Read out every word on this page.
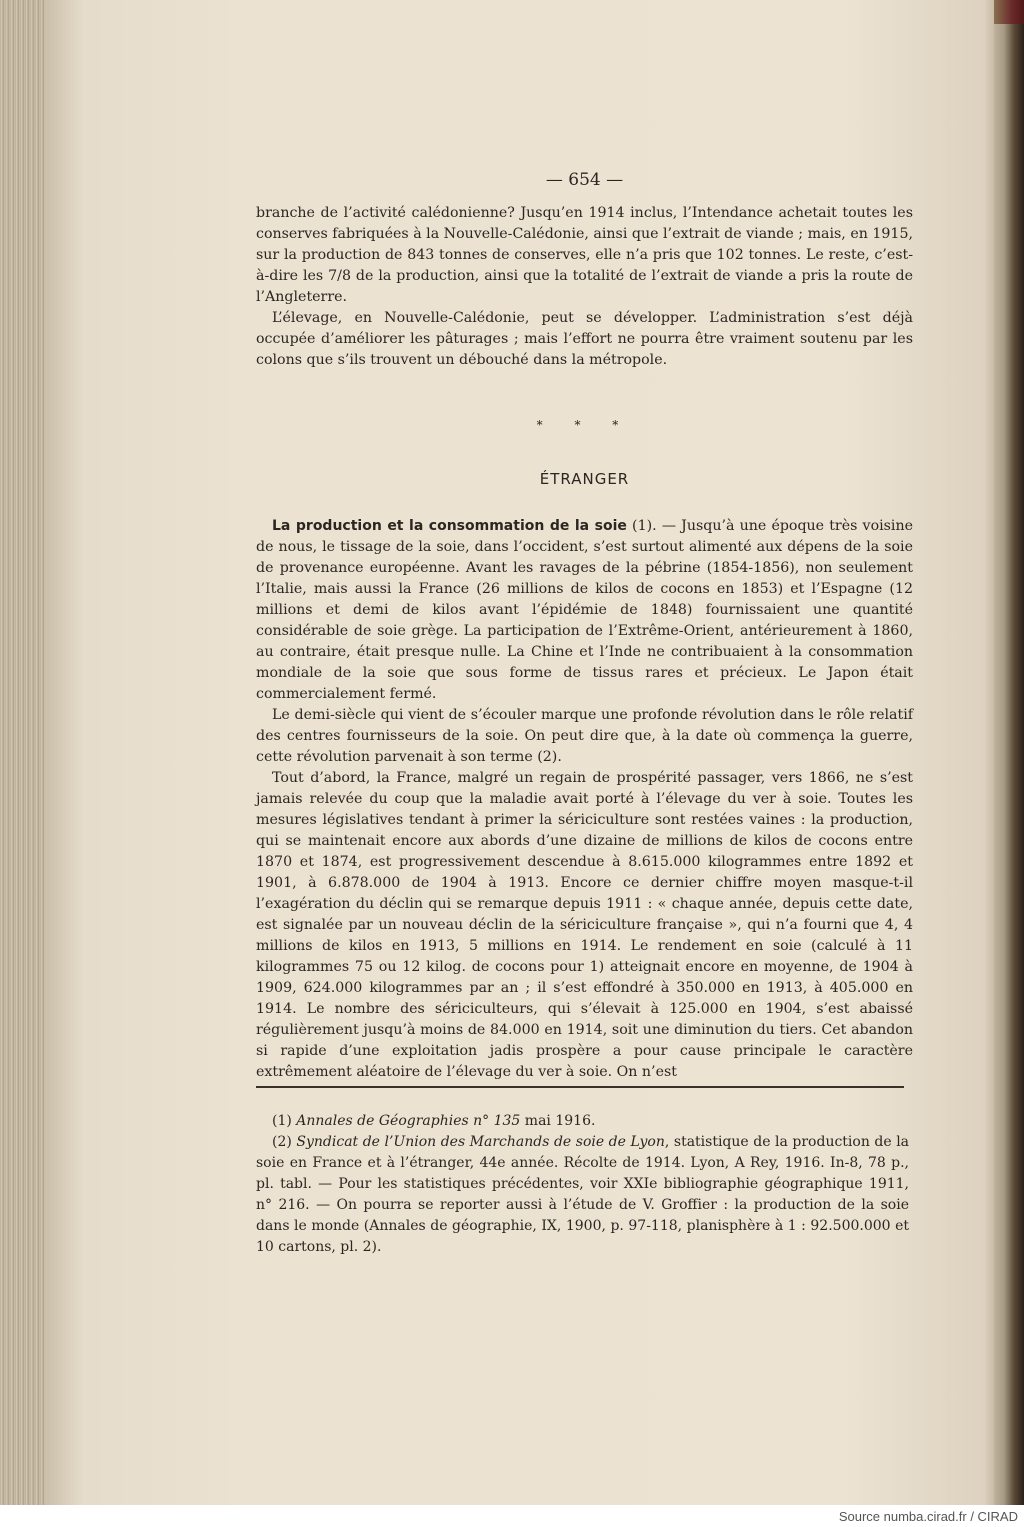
— 654 —

branche de l’activité calédonienne? Jusqu’en 1914 inclus, l’Intendance achetait toutes les conserves fabriquées à la Nouvelle-Calédonie, ainsi que l’extrait de viande ; mais, en 1915, sur la production de 843 tonnes de conserves, elle n’a pris que 102 tonnes. Le reste, c’est-à-dire les 7/8 de la production, ainsi que la totalité de l’extrait de viande a pris la route de l’Angleterre.

L’élevage, en Nouvelle-Calédonie, peut se développer. L’administration s’est déjà occupée d’améliorer les pâturages ; mais l’effort ne pourra être vraiment soutenu par les colons que s’ils trouvent un débouché dans la métropole.

* * *
ÉTRANGER

La production et la consommation de la soie (1). — Jusqu’à une époque très voisine de nous, le tissage de la soie, dans l’occident, s’est surtout alimenté aux dépens de la soie de provenance européenne. Avant les ravages de la pébrine (1854-1856), non seulement l’Italie, mais aussi la France (26 millions de kilos de cocons en 1853) et l’Espagne (12 millions et demi de kilos avant l’épidémie de 1848) fournissaient une quantité considérable de soie grège. La participation de l’Extrême-Orient, antérieurement à 1860, au contraire, était presque nulle. La Chine et l’Inde ne contribuaient à la consommation mondiale de la soie que sous forme de tissus rares et précieux. Le Japon était commercialement fermé.

Le demi-siècle qui vient de s’écouler marque une profonde révolution dans le rôle relatif des centres fournisseurs de la soie. On peut dire que, à la date où commença la guerre, cette révolution parvenait à son terme (2).

Tout d’abord, la France, malgré un regain de prospérité passager, vers 1866, ne s’est jamais relevée du coup que la maladie avait porté à l’élevage du ver à soie. Toutes les mesures législatives tendant à primer la sériciculture sont restées vaines : la production, qui se maintenait encore aux abords d’une dizaine de millions de kilos de cocons entre 1870 et 1874, est progressivement descendue à 8.615.000 kilogrammes entre 1892 et 1901, à 6.878.000 de 1904 à 1913. Encore ce dernier chiffre moyen masque-t-il l’exagération du déclin qui se remarque depuis 1911 : « chaque année, depuis cette date, est signalée par un nouveau déclin de la sériciculture française », qui n’a fourni que 4, 4 millions de kilos en 1913, 5 millions en 1914. Le rendement en soie (calculé à 11 kilogrammes 75 ou 12 kilog. de cocons pour 1) atteignait encore en moyenne, de 1904 à 1909, 624.000 kilogrammes par an ; il s’est effondré à 350.000 en 1913, à 405.000 en 1914. Le nombre des sériciculteurs, qui s’élevait à 125.000 en 1904, s’est abaissé régulièrement jusqu’à moins de 84.000 en 1914, soit une diminution du tiers. Cet abandon si rapide d’une exploitation jadis prospère a pour cause principale le caractère extrêmement aléatoire de l’élevage du ver à soie. On n’est

(1) Annales de Géographies n° 135 mai 1916.

(2) Syndicat de l’Union des Marchands de soie de Lyon, statistique de la production de la soie en France et à l’étranger, 44e année. Récolte de 1914. Lyon, A Rey, 1916. In-8, 78 p., pl. tabl. — Pour les statistiques précédentes, voir XXIe bibliographie géographique 1911, n° 216. — On pourra se reporter aussi à l’étude de V. Groffier : la production de la soie dans le monde (Annales de géographie, IX, 1900, p. 97-118, planisphère à 1 : 92.500.000 et 10 cartons, pl. 2).

Source numba.cirad.fr / CIRAD
